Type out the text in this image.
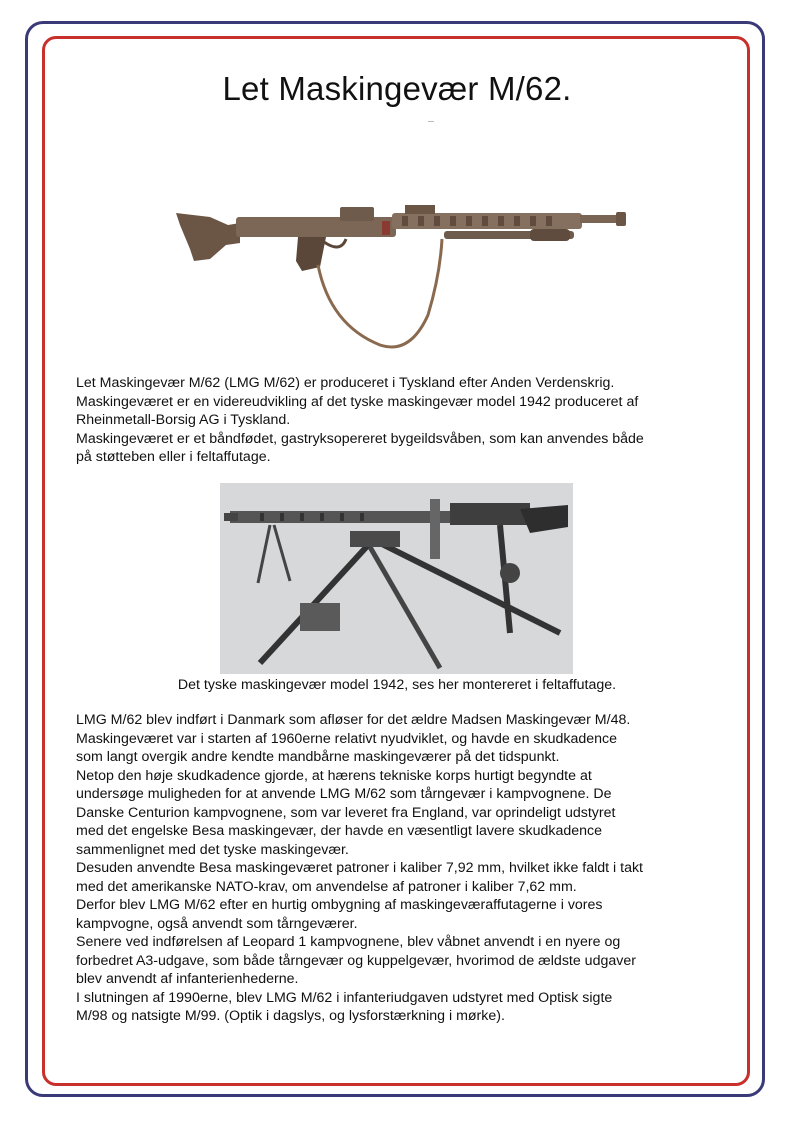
Let Maskingevær M/62.
Let Maskingevær M/62 (LMG M/62) er produceret i Tyskland efter Anden Verdenskrig.
Maskingeværet er en videreudvikling af det tyske maskingevær model 1942 produceret af
Rheinmetall-Borsig AG i Tyskland.
Maskingeværet er et båndfødet, gastryksopereret bygeildsvåben, som kan anvendes både
på støtteben eller i feltaffutage.

Det tyske maskingevær model 1942, ses her montereret i feltaffutage.

LMG M/62 blev indført i Danmark som afløser for det ældre Madsen Maskingevær M/48.
Maskingeværet var i starten af 1960erne relativt nyudviklet, og havde en skudkadence
som langt overgik andre kendte mandbårne maskingeværer på det tidspunkt.
Netop den høje skudkadence gjorde, at hærens tekniske korps hurtigt begyndte at
undersøge muligheden for at anvende LMG M/62 som tårngevær i kampvognene. De
Danske Centurion kampvognene, som var leveret fra England, var oprindeligt udstyret
med det engelske Besa maskingevær, der havde en væsentligt lavere skudkadence
sammenlignet med det tyske maskingevær.
Desuden anvendte Besa maskingeværet patroner i kaliber 7,92 mm, hvilket ikke faldt i takt
med det amerikanske NATO-krav, om anvendelse af patroner i kaliber 7,62 mm.
Derfor blev LMG M/62 efter en hurtig ombygning af maskingeværaffutagerne i vores
kampvogne, også anvendt som tårngeværer.
Senere ved indførelsen af Leopard 1 kampvognene, blev våbnet anvendt i en nyere og
forbedret A3-udgave, som både tårngevær og kuppelgevær, hvorimod de ældste udgaver
blev anvendt af infanterienhederne.
I slutningen af 1990erne, blev LMG M/62 i infanteriudgaven udstyret med Optisk sigte
M/98 og natsigte M/99. (Optik i dagslys, og lysforstærkning i mørke).
